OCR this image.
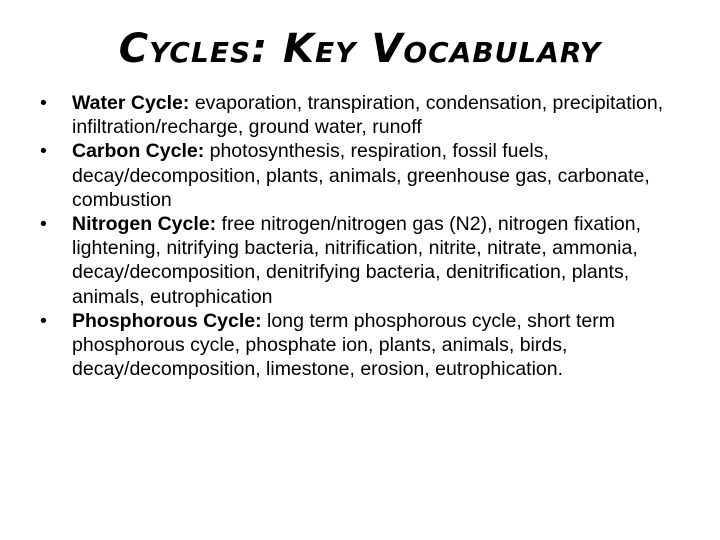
Cycles: Key Vocabulary
•	Water Cycle: evaporation, transpiration, condensation, precipitation, infiltration/recharge, ground water, runoff
•	Carbon Cycle: photosynthesis, respiration, fossil fuels, decay/decomposition, plants, animals, greenhouse gas, carbonate, combustion
•	Nitrogen Cycle: free nitrogen/nitrogen gas (N2), nitrogen fixation, lightening, nitrifying bacteria, nitrification, nitrite, nitrate, ammonia, decay/decomposition, denitrifying bacteria, denitrification, plants, animals, eutrophication
•	Phosphorous Cycle: long term phosphorous cycle, short term phosphorous cycle, phosphate ion, plants, animals, birds, decay/decomposition, limestone, erosion, eutrophication.
